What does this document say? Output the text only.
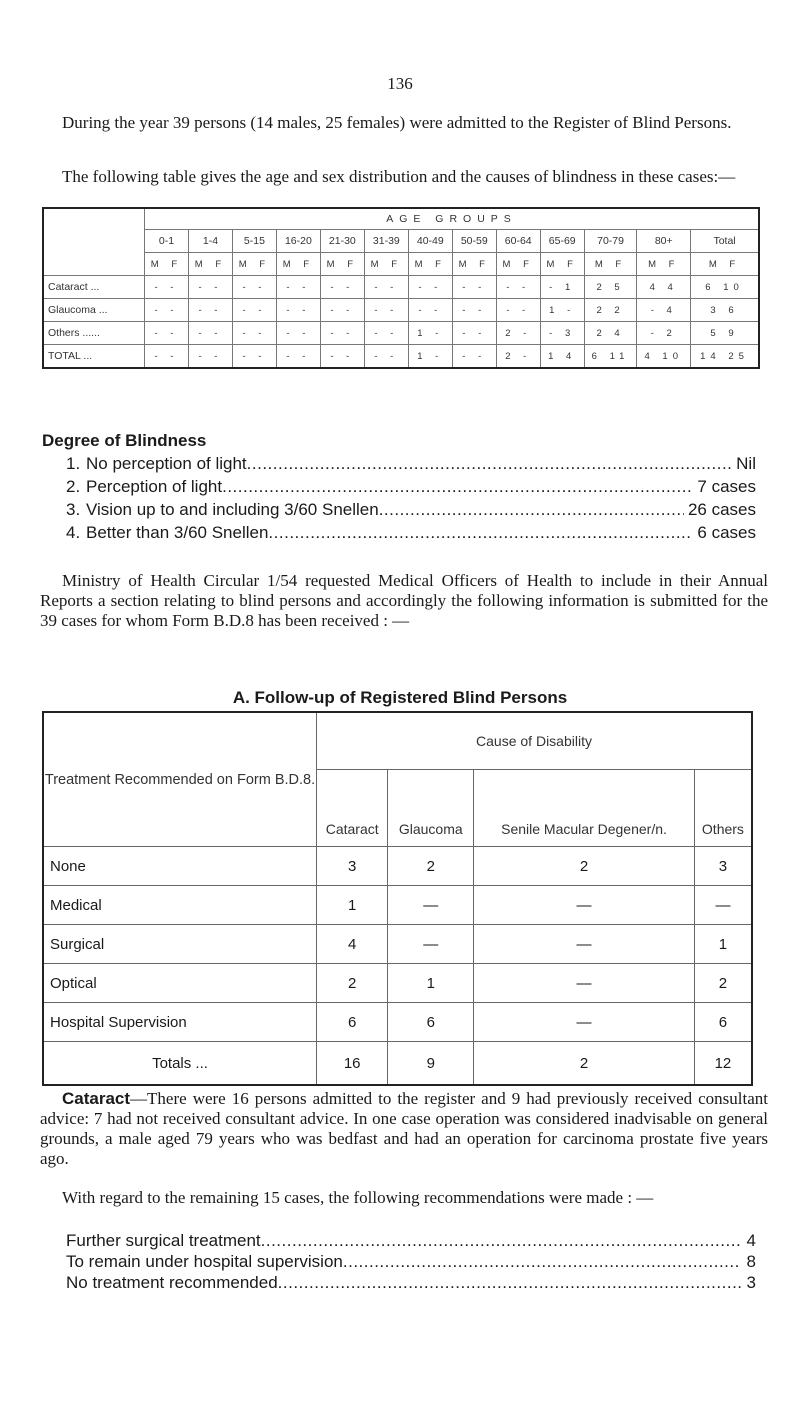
136
During the year 39 persons (14 males, 25 females) were admitted to the Register of Blind Persons.
The following table gives the age and sex distribution and the causes of blindness in these cases:—
	AGE GROUPS												
	0-1	1-4	5-15	16-20	21-30	31-39	40-49	50-59	60-64	65-69	70-79	80+	Total
	M F	M F	M F	M F	M F	M F	M F	M F	M F	M F	M F	M F	M F
Cataract ...	- -	- -	- -	- -	- -	- -	- -	- -	- -	- 1	2 5	4 4	6 10
Glaucoma ...	- -	- -	- -	- -	- -	- -	- -	- -	- -	1 -	2 2	- 4	3 6
Others ......	- -	- -	- -	- -	- -	- -	1 -	- -	2 -	- 3	2 4	- 2	5 9
TOTAL ...	- -	- -	- -	- -	- -	- -	1 -	- -	2 -	1 4	6 11	4 10	14 25
Degree of Blindness
1. No perception of light .....	Nil
2. Perception of light .....	7 cases
3. Vision up to and including 3/60 Snellen .....	26 cases
4. Better than 3/60 Snellen .....	6 cases
Ministry of Health Circular 1/54 requested Medical Officers of Health to include in their Annual Reports a section relating to blind persons and accordingly the following information is submitted for the 39 cases for whom Form B.D.8 has been received : —
A. Follow-up of Registered Blind Persons
Treatment Recommended on Form B.D.8.	Cause of Disability			
	Cataract	Glaucoma	Senile Macular Degener/n.	Others
None	3	2	2	3
Medical	1	—	—	—
Surgical	4	—	—	1
Optical	2	1	—	2
Hospital Supervision	6	6	—	6
Totals ...	16	9	2	12
Cataract—There were 16 persons admitted to the register and 9 had previously received consultant advice: 7 had not received consultant advice. In one case operation was considered inadvisable on general grounds, a male aged 79 years who was bedfast and had an operation for carcinoma prostate five years ago.
With regard to the remaining 15 cases, the following recommendations were made : —
Further surgical treatment .....	4
To remain under hospital supervision .....	8
No treatment recommended .....	3
